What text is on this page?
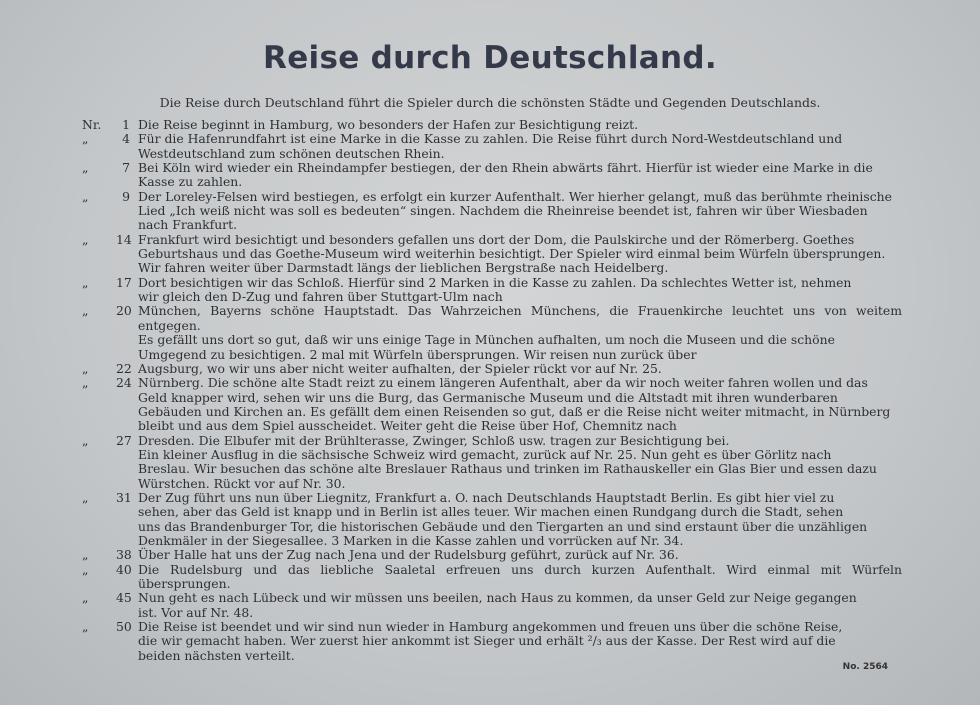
Reise durch Deutschland.
Die Reise durch Deutschland führt die Spieler durch die schönsten Städte und Gegenden Deutschlands.
Nr. 1 Die Reise beginnt in Hamburg, wo besonders der Hafen zur Besichtigung reizt.
„	4 Für die Hafenrundfahrt ist eine Marke in die Kasse zu zahlen. Die Reise führt durch Nord-Westdeutschland und
Westdeutschland zum schönen deutschen Rhein.
„	7 Bei Köln wird wieder ein Rheindampfer bestiegen, der den Rhein abwärts fährt. Hierfür ist wieder eine Marke in die
Kasse zu zahlen.
„	9 Der Loreley-Felsen wird bestiegen, es erfolgt ein kurzer Aufenthalt. Wer hierher gelangt, muß das berühmte rheinische
Lied „Ich weiß nicht was soll es bedeuten“ singen. Nachdem die Rheinreise beendet ist, fahren wir über Wiesbaden
nach Frankfurt.
„ 14 Frankfurt wird besichtigt und besonders gefallen uns dort der Dom, die Paulskirche und der Römerberg. Goethes
Geburtshaus und das Goethe-Museum wird weiterhin besichtigt. Der Spieler wird einmal beim Würfeln übersprungen.
Wir fahren weiter über Darmstadt längs der lieblichen Bergstraße nach Heidelberg.
„ 17 Dort besichtigen wir das Schloß. Hierfür sind 2 Marken in die Kasse zu zahlen. Da schlechtes Wetter ist, nehmen
wir gleich den D-Zug und fahren über Stuttgart-Ulm nach
„ 20 München, Bayerns schöne Hauptstadt. Das Wahrzeichen Münchens, die Frauenkirche leuchtet uns von weitem entgegen.
Es gefällt uns dort so gut, daß wir uns einige Tage in München aufhalten, um noch die Museen und die schöne
Umgegend zu besichtigen. 2 mal mit Würfeln übersprungen. Wir reisen nun zurück über
„ 22 Augsburg, wo wir uns aber nicht weiter aufhalten, der Spieler rückt vor auf Nr. 25.
„ 24 Nürnberg. Die schöne alte Stadt reizt zu einem längeren Aufenthalt, aber da wir noch weiter fahren wollen und das
Geld knapper wird, sehen wir uns die Burg, das Germanische Museum und die Altstadt mit ihren wunderbaren
Gebäuden und Kirchen an. Es gefällt dem einen Reisenden so gut, daß er die Reise nicht weiter mitmacht, in Nürnberg
bleibt und aus dem Spiel ausscheidet. Weiter geht die Reise über Hof, Chemnitz nach
„ 27 Dresden. Die Elbufer mit der Brühlterasse, Zwinger, Schloß usw. tragen zur Besichtigung bei.
Ein kleiner Ausflug in die sächsische Schweiz wird gemacht, zurück auf Nr. 25. Nun geht es über Görlitz nach
Breslau. Wir besuchen das schöne alte Breslauer Rathaus und trinken im Rathauskeller ein Glas Bier und essen dazu
Würstchen. Rückt vor auf Nr. 30.
„ 31 Der Zug führt uns nun über Liegnitz, Frankfurt a. O. nach Deutschlands Hauptstadt Berlin. Es gibt hier viel zu
sehen, aber das Geld ist knapp und in Berlin ist alles teuer. Wir machen einen Rundgang durch die Stadt, sehen
uns das Brandenburger Tor, die historischen Gebäude und den Tiergarten an und sind erstaunt über die unzähligen
Denkmäler in der Siegesallee. 3 Marken in die Kasse zahlen und vorrücken auf Nr. 34.
„ 38 Über Halle hat uns der Zug nach Jena und der Rudelsburg geführt, zurück auf Nr. 36.
„ 40 Die Rudelsburg und das liebliche Saaletal erfreuen uns durch kurzen Aufenthalt. Wird einmal mit Würfeln übersprungen.
„ 45 Nun geht es nach Lübeck und wir müssen uns beeilen, nach Haus zu kommen, da unser Geld zur Neige gegangen
ist. Vor auf Nr. 48.
„ 50 Die Reise ist beendet und wir sind nun wieder in Hamburg angekommen und freuen uns über die schöne Reise,
die wir gemacht haben. Wer zuerst hier ankommt ist Sieger und erhält ²/₃ aus der Kasse. Der Rest wird auf die
beiden nächsten verteilt.
No. 2564
